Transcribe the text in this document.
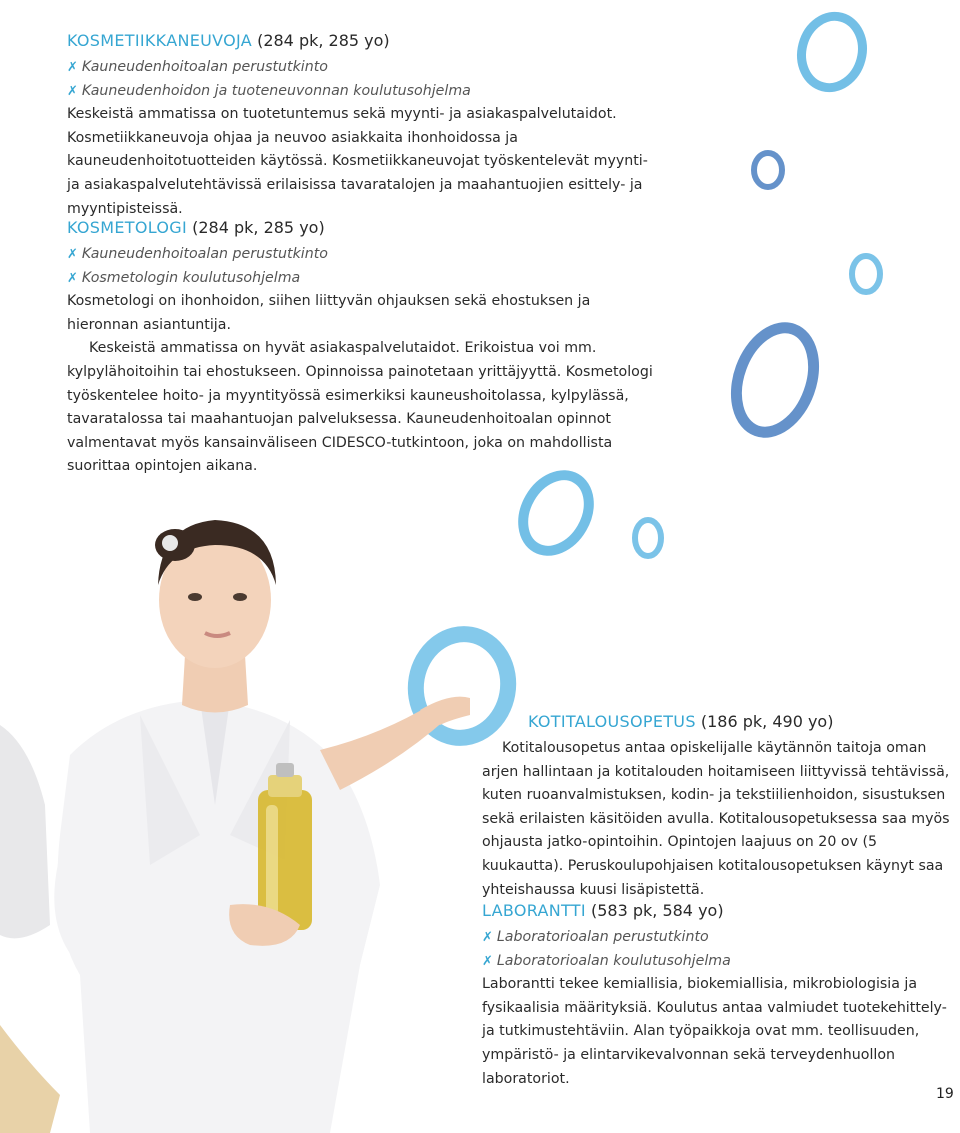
KOSMETIIKKANEUVOJA (284 pk, 285 yo)
✗ Kauneudenhoitoalan perustutkinto
✗ Kauneudenhoidon ja tuoteneuvonnan koulutusohjelma

Keskeistä ammatissa on tuotetuntemus sekä myynti- ja asiakaspalvelutaidot. Kosmetiikkaneuvoja ohjaa ja neuvoo asiakkaita ihonhoidossa ja kauneudenhoitotuotteiden käytössä. Kosmetiikkaneuvojat työskentelevät myynti- ja asiakaspalvelutehtävissä erilaisissa tavaratalojen ja maahantuojien esittely- ja myyntipisteissä.

KOSMETOLOGI (284 pk, 285 yo)
✗ Kauneudenhoitoalan perustutkinto
✗ Kosmetologin koulutusohjelma

Kosmetologi on ihonhoidon, siihen liittyvän ohjauksen sekä ehostuksen ja hieronnan asiantuntija.

Keskeistä ammatissa on hyvät asiakaspalvelutaidot. Erikoistua voi mm. kylpylähoitoihin tai ehostukseen. Opinnoissa painotetaan yrittäjyyttä. Kosmetologi työskentelee hoito- ja myyntityössä esimerkiksi kauneushoitolassa, kylpylässä, tavaratalossa tai maahantuojan palveluksessa. Kauneudenhoitoalan opinnot valmentavat myös kansainväliseen CIDESCO-tutkintoon, joka on mahdollista suorittaa opintojen aikana.

KOTITALOUSOPETUS (186 pk, 490 yo)

Kotitalousopetus antaa opiskelijalle käytännön taitoja oman arjen hallintaan ja kotitalouden hoitamiseen liittyvissä tehtävissä, kuten ruoanvalmistuksen, kodin- ja tekstiilienhoidon, sisustuksen sekä erilaisten käsitöiden avulla. Kotitalousopetuksessa saa myös ohjausta jatko-opintoihin. Opintojen laajuus on 20 ov (5 kuukautta). Peruskoulupohjaisen kotitalousopetuksen käynyt saa yhteishaussa kuusi lisäpistettä.

LABORANTTI (583 pk, 584 yo)
✗ Laboratorioalan perustutkinto
✗ Laboratorioalan koulutusohjelma

Laborantti tekee kemiallisia, biokemiallisia, mikrobiologisia ja fysikaalisia määrityksiä. Koulutus antaa valmiudet tuotekehittely- ja tutkimustehtäviin. Alan työpaikkoja ovat mm. teollisuuden, ympäristö- ja elintarvikevalvonnan sekä terveydenhuollon laboratoriot.

19
